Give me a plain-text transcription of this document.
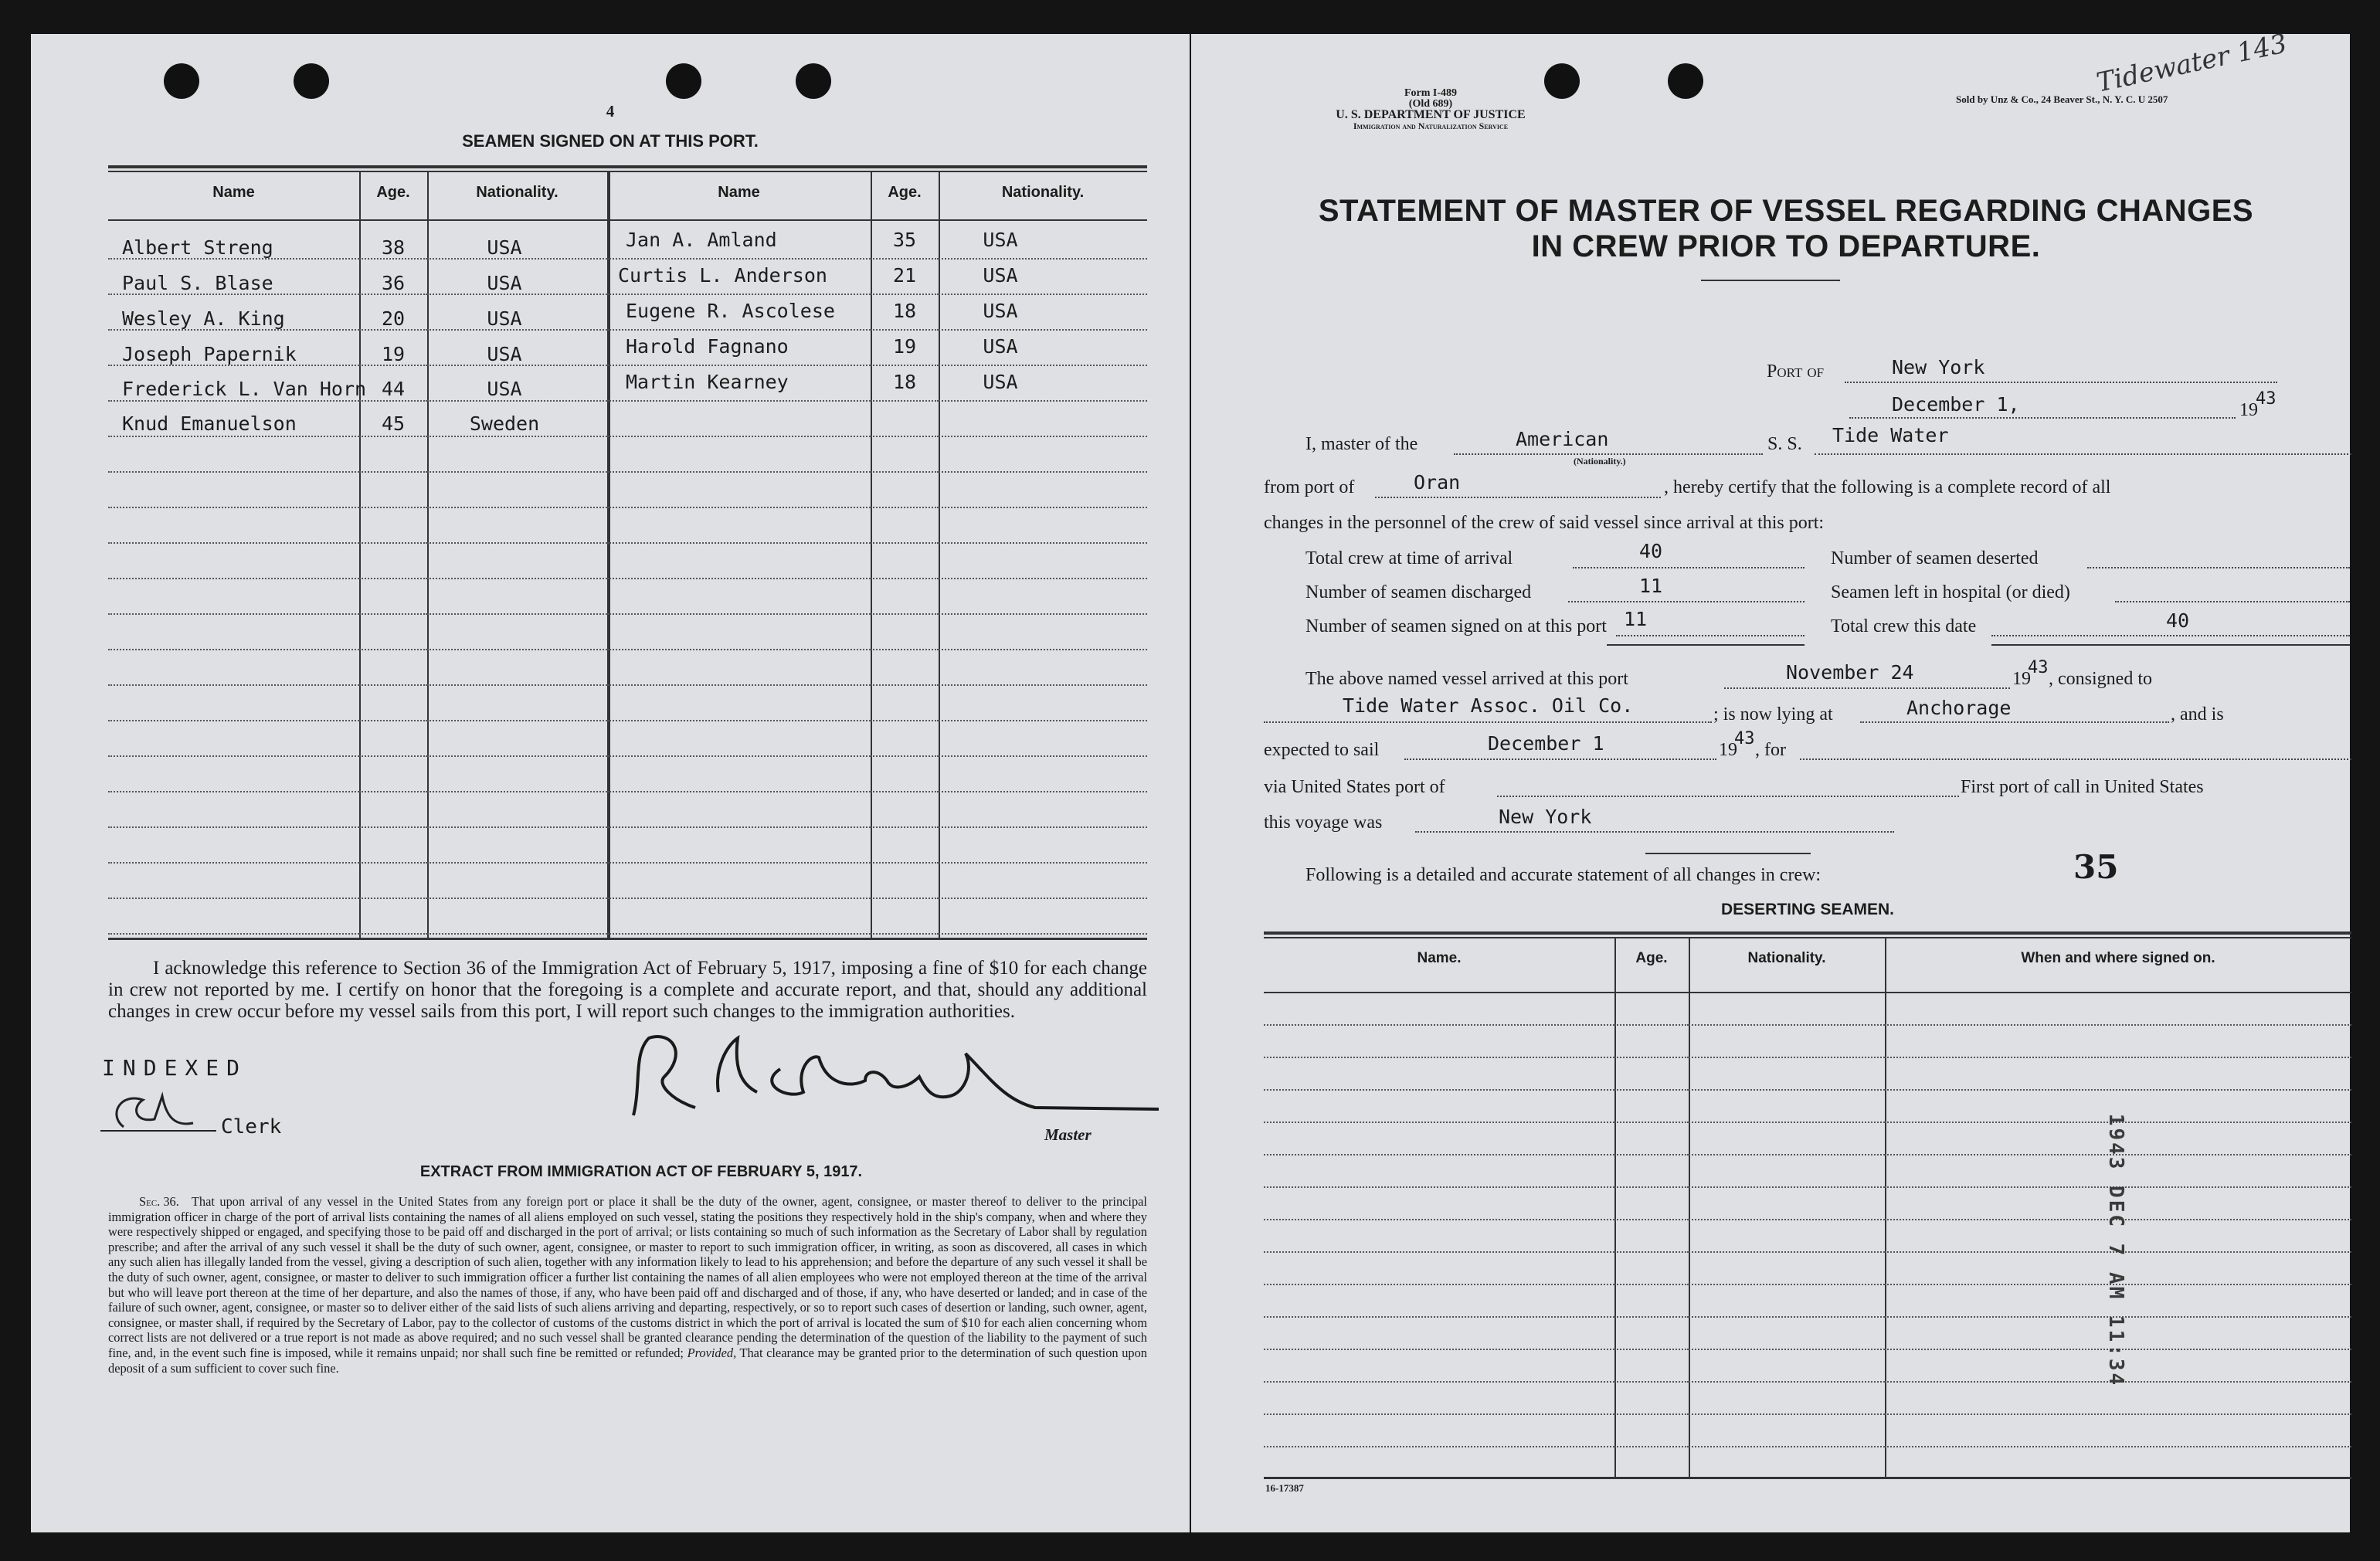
4
SEAMEN SIGNED ON AT THIS PORT.
Name	Age.	Nationality.	Name	Age.	Nationality.
Albert Streng	38	USA
Paul S. Blase	36	USA
Wesley A. King	20	USA
Joseph Papernik	19	USA
Frederick L. Van Horn 44	USA
Knud Emanuelson	45	Sweden
Jan A. Amland	35	USA
Curtis L. Anderson	21	USA
Eugene R. Ascolese	18	USA
Harold Fagnano	19	USA
Martin Kearney	18	USA
I acknowledge this reference to Section 36 of the Immigration Act of February 5, 1917, imposing a fine of $10 for each change in crew not reported by me. I certify on honor that the foregoing is a complete and accurate report, and that, should any additional changes in crew occur before my vessel sails from this port, I will report such changes to the immigration authorities.
INDEXED
Clerk	Master
EXTRACT FROM IMMIGRATION ACT OF FEBRUARY 5, 1917.
Sec. 36. That upon arrival of any vessel in the United States from any foreign port or place it shall be the duty of the owner, agent, consignee, or master thereof to deliver to the principal immigration officer in charge of the port of arrival lists containing the names of all aliens employed on such vessel, stating the positions they respectively hold in the ship's company, when and where they were respectively shipped or engaged, and specifying those to be paid off and discharged in the port of arrival; or lists containing so much of such information as the Secretary of Labor shall by regulation prescribe; and after the arrival of any such vessel it shall be the duty of such owner, agent, consignee, or master to report to such immigration officer, in writing, as soon as discovered, all cases in which any such alien has illegally landed from the vessel, giving a description of such alien, together with any information likely to lead to his apprehension; and before the departure of any such vessel it shall be the duty of such owner, agent, consignee, or master to deliver to such immigration officer a further list containing the names of all alien employees who were not employed thereon at the time of the arrival but who will leave port thereon at the time of her departure, and also the names of those, if any, who have been paid off and discharged and of those, if any, who have deserted or landed; and in case of the failure of such owner, agent, consignee, or master so to deliver either of the said lists of such aliens arriving and departing, respectively, or so to report such cases of desertion or landing, such owner, agent, consignee, or master shall, if required by the Secretary of Labor, pay to the collector of customs of the customs district in which the port of arrival is located the sum of $10 for each alien concerning whom correct lists are not delivered or a true report is not made as above required; and no such vessel shall be granted clearance pending the determination of the question of the liability to the payment of such fine, and, in the event such fine is imposed, while it remains unpaid; nor shall such fine be remitted or refunded; Provided, That clearance may be granted prior to the determination of such question upon deposit of a sum sufficient to cover such fine.
Form I-489
(Old 689)
U. S. DEPARTMENT OF JUSTICE
Immigration and Naturalization Service
Sold by Unz & Co., 24 Beaver St., N. Y. C. U 2507
Tidewater 143
STATEMENT OF MASTER OF VESSEL REGARDING CHANGES
IN CREW PRIOR TO DEPARTURE.
Port of	New York
December 1,	19
43
I, master of the	American
(Nationality.)
S. S. Tide Water
from port of	Oran	, hereby certify that the following is a complete record of all
changes in the personnel of the crew of said vessel since arrival at this port:
Total crew at time of arrival	40	Number of seamen deserted
Number of seamen discharged	11	Seamen left in hospital (or died)
Number of seamen signed on at this port 11	Total crew this date	40
The above named vessel arrived at this port	November 24	19
43
, consigned to
Tide Water Assoc. Oil Co.	; is now lying at	Anchorage	, and is
expected to sail	December 1	19
43
, for
via United States port of	First port of call in United States
this voyage was	New York
Following is a detailed and accurate statement of all changes in crew:	35
DESERTING SEAMEN.
Name.	Age.	Nationality.	When and where signed on.
1943 DEC 7 AM 11:34
16-17387
